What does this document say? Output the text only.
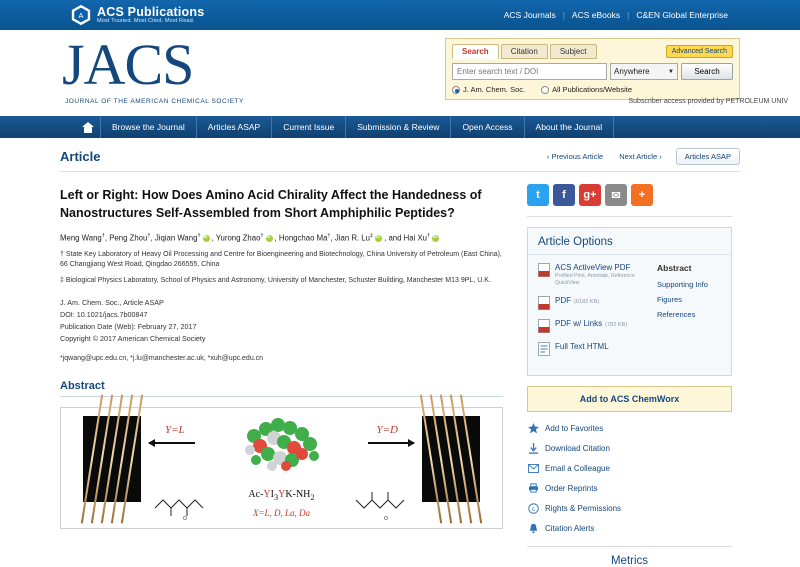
A ACS Publications
Most Trusted. Most Cited. Most Read.
ACS Journals | ACS eBooks | C&EN Global Enterprise
JACS
JOURNAL OF THE AMERICAN CHEMICAL SOCIETY
Search	Citation	Subject	Advanced Search
Enter search text / DOI
Anywhere	▼	Search
J. Am. Chem. Soc.	All Publications/Website
Subscriber access provided by PETROLEUM UNIV
Browse the Journal	Articles ASAP	Current Issue	Submission & Review	Open Access	About the Journal
Article	‹ Previous Article	Next Article ›	Articles ASAP
Left or Right: How Does Amino Acid Chirality Affect the Handedness of Nanostructures Self-Assembled from Short Amphiphilic Peptides?
Meng Wang†, Peng Zhou†, Jiqian Wang† iD , Yurong Zhao† iD , Hongchao Ma†, Jian R. Lu‡ iD , and Hai Xu†iD
† State Key Laboratory of Heavy Oil Processing and Centre for Bioengineering and Biotechnology, China University of Petroleum (East China), 66 Changjiang West Road, Qingdao 266555, China
‡ Biological Physics Laboratory, School of Physics and Astronomy, University of Manchester, Schuster Building, Manchester M13 9PL, U.K.
J. Am. Chem. Soc., Article ASAP
DOI: 10.1021/jacs.7b00847
Publication Date (Web): February 27, 2017
Copyright © 2017 American Chemical Society
*jqwang@upc.edu.cn, *j.lu@manchester.ac.uk, *xuh@upc.edu.cn
Abstract
Y=L	Y=D
$Ac-YI_3YK-NH_2$
X=L, D, La, Da
O	O
t	f	g+	✉	+
Article Options
ACS ActiveView PDF
Profiled Print, Annotate, Reference QuickView
PDF (6182 KB)
PDF w/ Links (782 KB)
Full Text HTML
Abstract
Supporting Info
Figures
References
Add to ACS ChemWorx
Add to Favorites
Download Citation
Email a Colleague
Order Reprints
c Rights & Permissions
Citation Alerts
Metrics
